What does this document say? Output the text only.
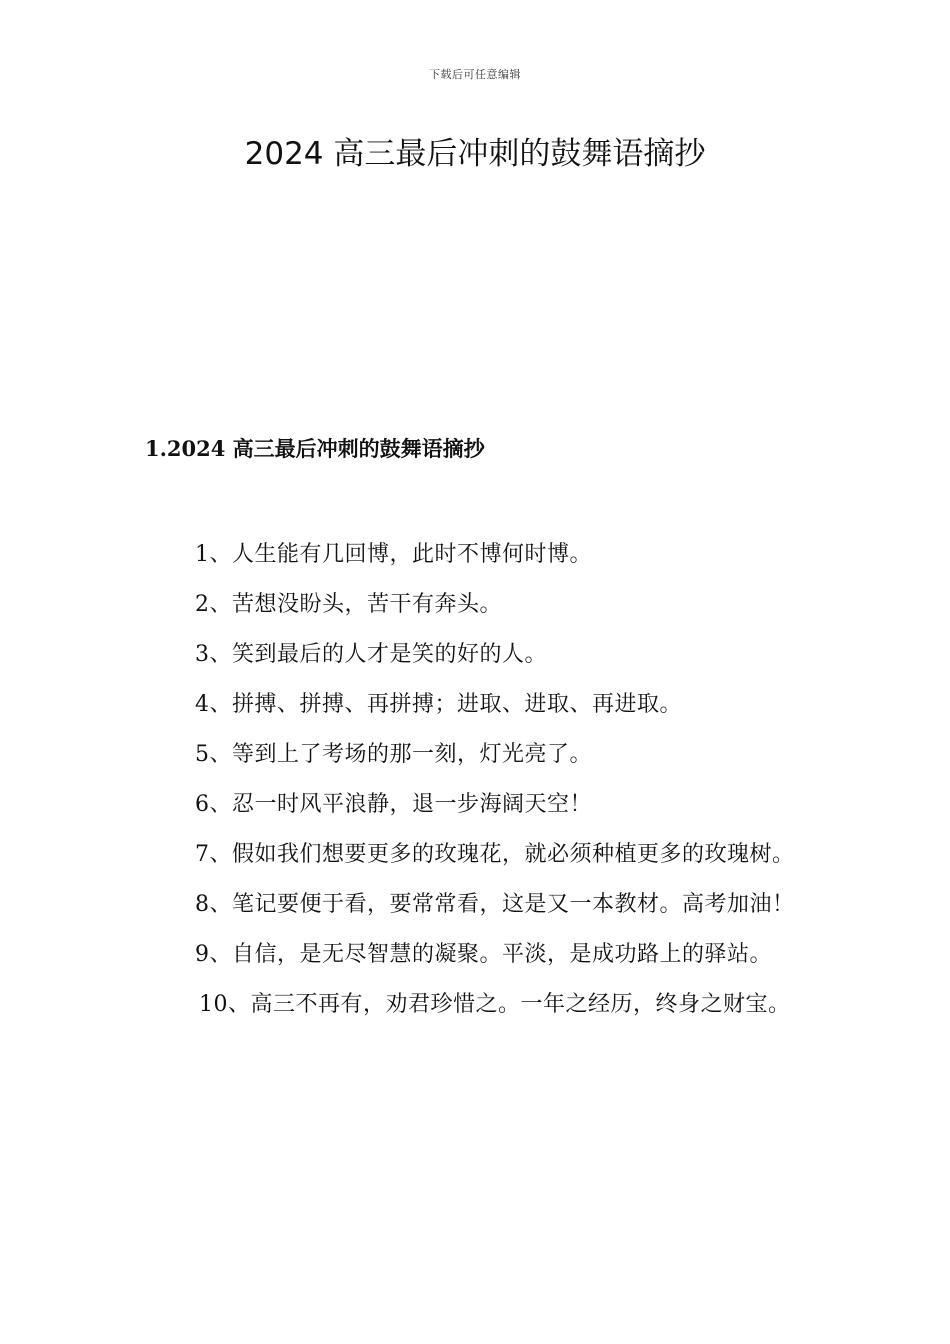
下载后可任意编辑
2024 高三最后冲刺的鼓舞语摘抄
1.2024 高三最后冲刺的鼓舞语摘抄

1、人生能有几回博，此时不博何时博。

2、苦想没盼头，苦干有奔头。

3、笑到最后的人才是笑的好的人。

4、拼搏、拼搏、再拼搏；进取、进取、再进取。

5、等到上了考场的那一刻，灯光亮了。

6、忍一时风平浪静，退一步海阔天空！

7、假如我们想要更多的玫瑰花，就必须种植更多的玫瑰树。

8、笔记要便于看，要常常看，这是又一本教材。高考加油！

9、自信，是无尽智慧的凝聚。平淡，是成功路上的驿站。

10、高三不再有，劝君珍惜之。一年之经历，终身之财宝。
